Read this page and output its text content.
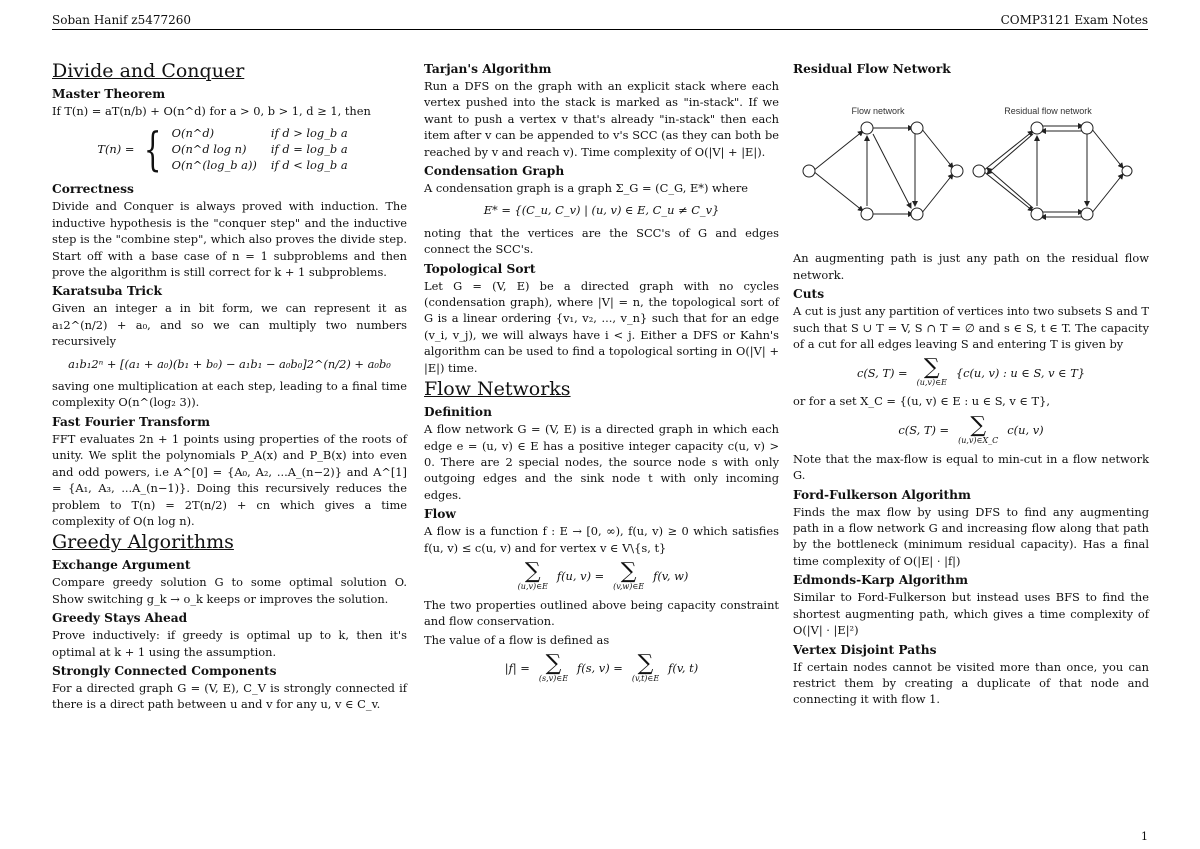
Soban Hanif z5477260	COMP3121 Exam Notes
Divide and Conquer
Master Theorem

If T(n) = aT(n/b) + O(n^d) for a > 0, b > 1, d ≥ 1, then

T(n) = { O(n^d)	if d > log_b a
O(n^d log n)	if d = log_b a
O(n^(log_b a))	if d < log_b a
Correctness

Divide and Conquer is always proved with induction. The inductive hypothesis is the "conquer step" and the inductive step is the "combine step", which also proves the divide step. Start off with a base case of n = 1 subproblems and then prove the algorithm is still correct for k + 1 subproblems.

Karatsuba Trick

Given an integer a in bit form, we can represent it as a₁2^(n/2) + a₀, and so we can multiply two numbers recursively

a₁b₁2ⁿ + [(a₁ + a₀)(b₁ + b₀) − a₁b₁ − a₀b₀]2^(n/2) + a₀b₀

saving one multiplication at each step, leading to a final time complexity O(n^(log₂ 3)).

Fast Fourier Transform

FFT evaluates 2n + 1 points using properties of the roots of unity. We split the polynomials P_A(x) and P_B(x) into even and odd powers, i.e A^[0] = {A₀, A₂, ...A_(n−2)} and A^[1] = {A₁, A₃, ...A_(n−1)}. Doing this recursively reduces the problem to T(n) = 2T(n/2) + cn which gives a time complexity of O(n log n).

Greedy Algorithms
Exchange Argument

Compare greedy solution G to some optimal solution O. Show switching g_k → o_k keeps or improves the solution.

Greedy Stays Ahead

Prove inductively: if greedy is optimal up to k, then it's optimal at k + 1 using the assumption.

Strongly Connected Components

For a directed graph G = (V, E), C_V is strongly connected if there is a direct path between u and v for any u, v ∈ C_v.

Tarjan's Algorithm

Run a DFS on the graph with an explicit stack where each vertex pushed into the stack is marked as "in-stack". If we want to push a vertex v that's already "in-stack" then each item after v can be appended to v's SCC (as they can both be reached by v and reach v). Time complexity of O(|V| + |E|).

Condensation Graph

A condensation graph is a graph Σ_G = (C_G, E*) where

E* = {(C_u, C_v) | (u, v) ∈ E, C_u ≠ C_v}

noting that the vertices are the SCC's of G and edges connect the SCC's.

Topological Sort

Let G = (V, E) be a directed graph with no cycles (condensation graph), where |V| = n, the topological sort of G is a linear ordering {v₁, v₂, ..., v_n} such that for an edge (v_i, v_j), we will always have i < j. Either a DFS or Kahn's algorithm can be used to find a topological sorting in O(|V| + |E|) time.

Flow Networks
Definition

A flow network G = (V, E) is a directed graph in which each edge e = (u, v) ∈ E has a positive integer capacity c(u, v) > 0. There are 2 special nodes, the source node s with only outgoing edges and the sink node t with only incoming edges.

Flow

A flow is a function f : E → [0, ∞), f(u, v) ≥ 0 which satisfies f(u, v) ≤ c(u, v) and for vertex v ∈ V\{s, t}

∑
(u,v)∈E
f(u, v) = ∑
(v,w)∈E
f(v, w)

The two properties outlined above being capacity constraint and flow conservation.

The value of a flow is defined as

|f| = ∑
(s,v)∈E
f(s, v) = ∑
(v,t)∈E
f(v, t)
Residual Flow Network
Flow network	Residual flow network

An augmenting path is just any path on the residual flow network.

Cuts

A cut is just any partition of vertices into two subsets S and T such that S ∪ T = V, S ∩ T = ∅ and s ∈ S, t ∈ T. The capacity of a cut for all edges leaving S and entering T is given by

c(S, T) = ∑
(u,v)∈E
{c(u, v) : u ∈ S, v ∈ T}

or for a set X_C = {(u, v) ∈ E : u ∈ S, v ∈ T},

c(S, T) = ∑
(u,v)∈X_C
c(u, v)

Note that the max-flow is equal to min-cut in a flow network G.

Ford-Fulkerson Algorithm

Finds the max flow by using DFS to find any augmenting path in a flow network G and increasing flow along that path by the bottleneck (minimum residual capacity). Has a final time complexity of O(|E| · |f|)

Edmonds-Karp Algorithm

Similar to Ford-Fulkerson but instead uses BFS to find the shortest augmenting path, which gives a time complexity of O(|V| · |E|²)

Vertex Disjoint Paths

If certain nodes cannot be visited more than once, you can restrict them by creating a duplicate of that node and connecting it with flow 1.

1
